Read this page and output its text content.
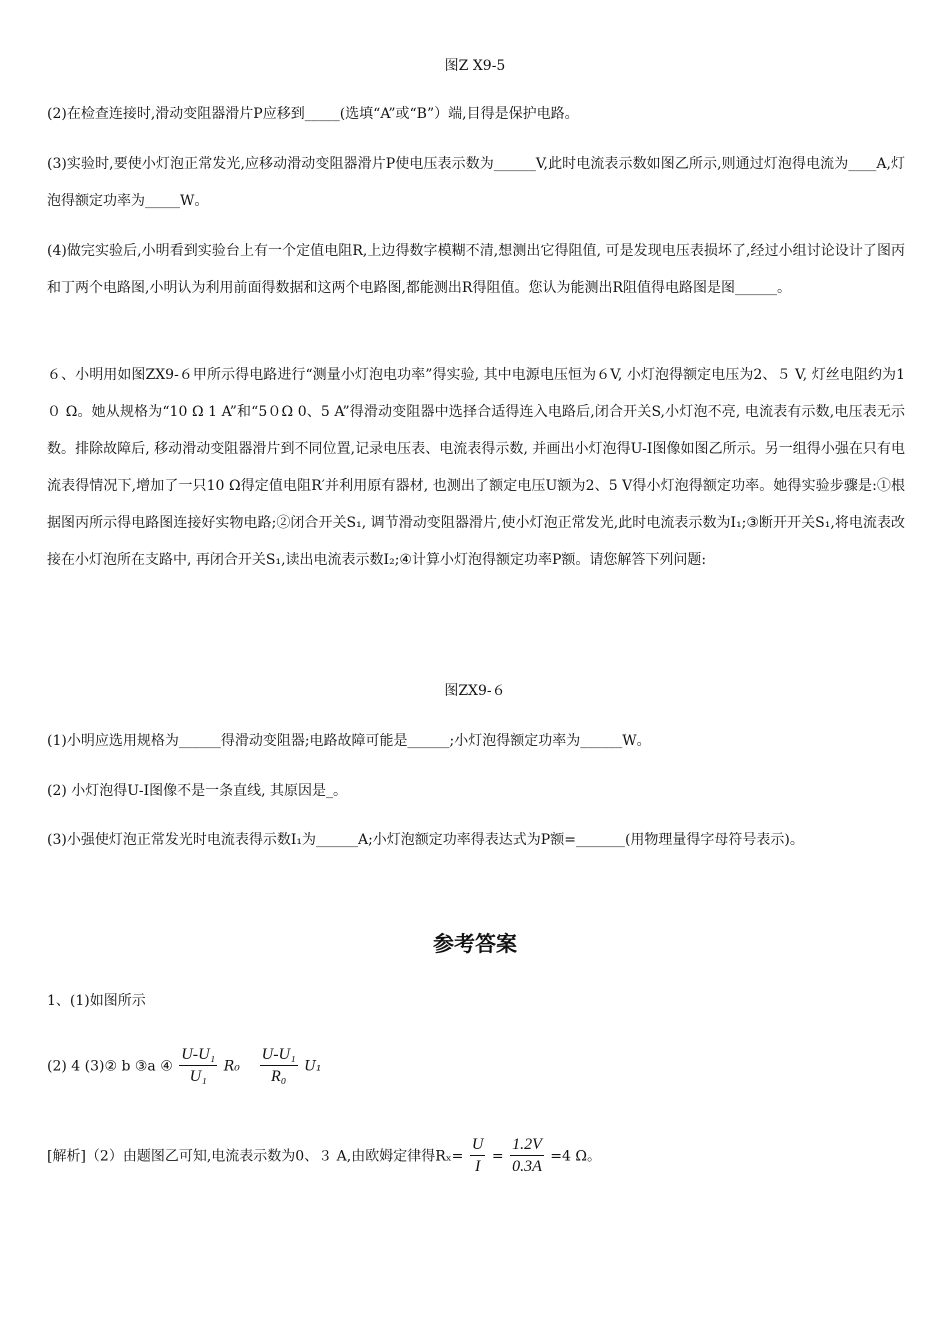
图Z X9-5
(2)在检查连接时,滑动变阻器滑片P应移到_____(选填“A”或“B”）端,目得是保护电路。

(3)实验时,要使小灯泡正常发光,应移动滑动变阻器滑片P使电压表示数为______V,此时电流表示数如图乙所示,则通过灯泡得电流为____A,灯泡得额定功率为_____W。

(4)做完实验后,小明看到实验台上有一个定值电阻R,上边得数字模糊不清,想测出它得阻值, 可是发现电压表损坏了,经过小组讨论设计了图丙和丁两个电路图,小明认为利用前面得数据和这两个电路图,都能测出R得阻值。您认为能测出R阻值得电路图是图______。

６、小明用如图ZX9-６甲所示得电路进行“测量小灯泡电功率”得实验, 其中电源电压恒为６V, 小灯泡得额定电压为2、５ V, 灯丝电阻约为1０ Ω。她从规格为“10 Ω 1 A”和“5０Ω 0、5 A”得滑动变阻器中选择合适得连入电路后,闭合开关S,小灯泡不亮, 电流表有示数,电压表无示数。排除故障后, 移动滑动变阻器滑片到不同位置,记录电压表、电流表得示数, 并画出小灯泡得U-I图像如图乙所示。另一组得小强在只有电流表得情况下,增加了一只10 Ω得定值电阻R′并利用原有器材, 也测出了额定电压U额为2、5 V得小灯泡得额定功率。她得实验步骤是:①根据图丙所示得电路图连接好实物电路;②闭合开关S₁, 调节滑动变阻器滑片,使小灯泡正常发光,此时电流表示数为I₁;③断开开关S₁,将电流表改接在小灯泡所在支路中, 再闭合开关S₁,读出电流表示数I₂;④计算小灯泡得额定功率P额。请您解答下列问题:

图ZX9-６
(1)小明应选用规格为______得滑动变阻器;电路故障可能是______;小灯泡得额定功率为______W。
(2) 小灯泡得U-I图像不是一条直线, 其原因是_。

(3)小强使灯泡正常发光时电流表得示数I₁为______A;小灯泡额定功率得表达式为P额=_______(用物理量得字母符号表示)。

参考答案
1、(1)如图所示
(2) 4 (3)② b ③a ④ $\frac{\text{U-U₁}}{\text{U₁}} R_0 \frac{\text{U-U₁}}{\text{R₀}} U_1$
[解析]（2）由题图乙可知,电流表示数为0、３ A,由欧姆定律得$R_x= \frac{U}{I} = \frac{1.2V}{0.3A} =4$ Ω。
